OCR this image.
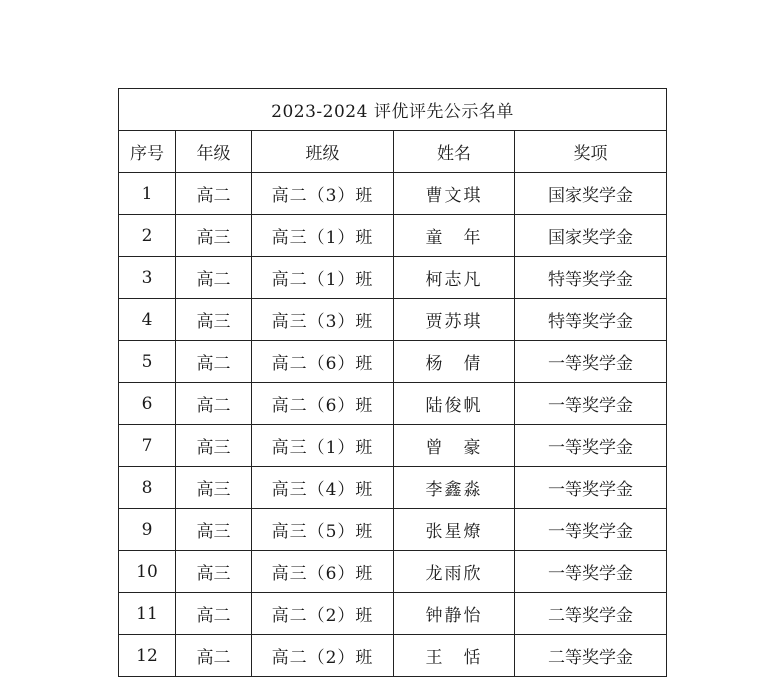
2023-2024 评优评先公示名单				
序号	年级	班级	姓名	奖项
1	高二	高二（3）班	曹文琪	国家奖学金
2	高三	高三（1）班	童　年	国家奖学金
3	高二	高二（1）班	柯志凡	特等奖学金
4	高三	高三（3）班	贾苏琪	特等奖学金
5	高二	高二（6）班	杨　倩	一等奖学金
6	高二	高二（6）班	陆俊帆	一等奖学金
7	高三	高三（1）班	曾　豪	一等奖学金
8	高三	高三（4）班	李鑫淼	一等奖学金
9	高三	高三（5）班	张星燎	一等奖学金
10	高三	高三（6）班	龙雨欣	一等奖学金
11	高二	高二（2）班	钟静怡	二等奖学金
12	高二	高二（2）班	王　恬	二等奖学金
